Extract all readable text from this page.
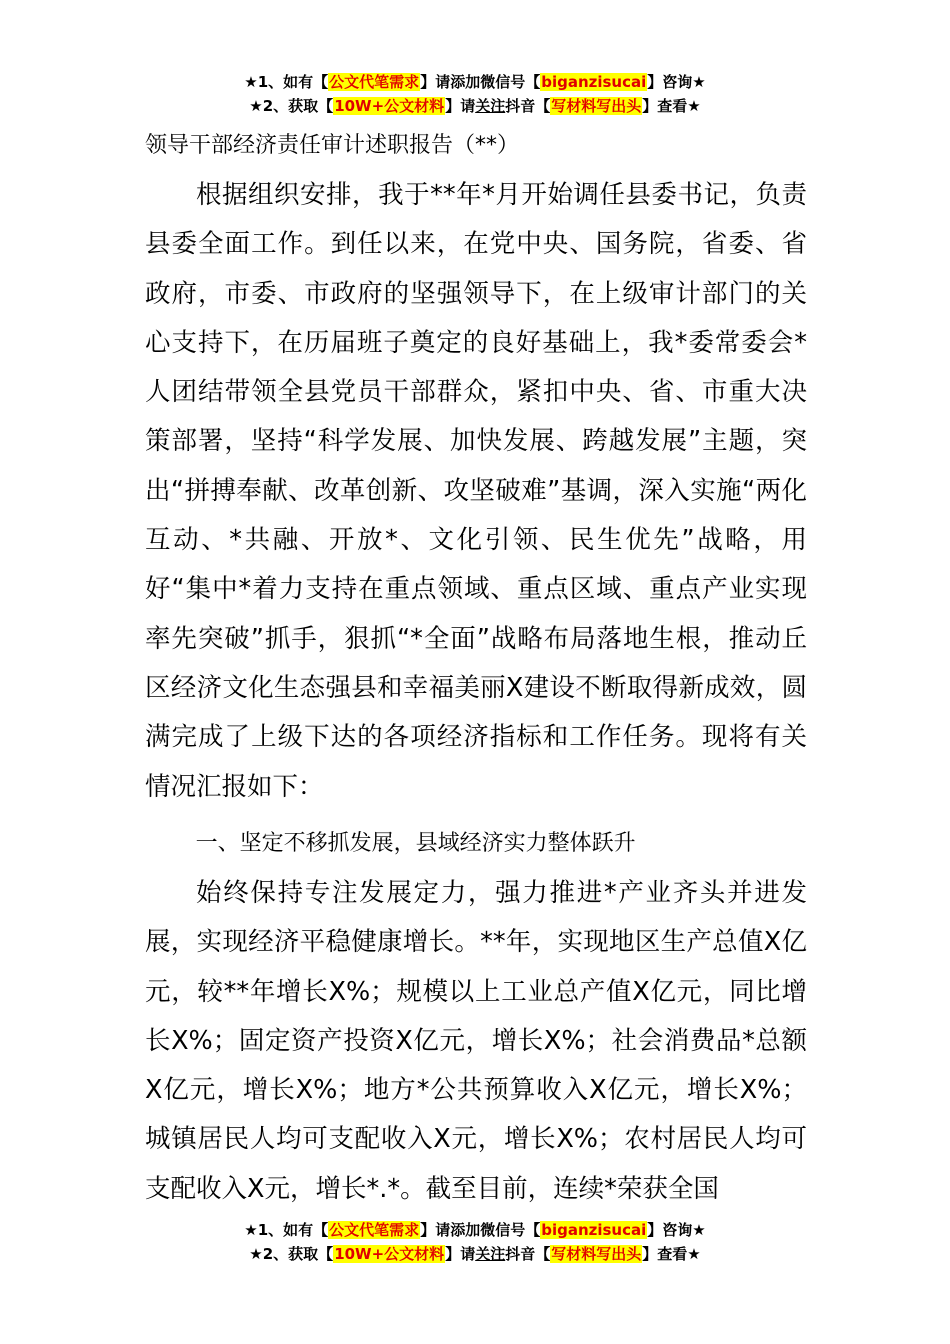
★1、如有【公文代笔需求】请添加微信号【biganzisucai】咨询★
★2、获取【10W+公文材料】请关注抖音【写材料写出头】查看★
领导干部经济责任审计述职报告（**）

根据组织安排，我于**年*月开始调任县委书记，负责县委全面工作。到任以来，在党中央、国务院，省委、省政府，市委、市政府的坚强领导下，在上级审计部门的关心支持下，在历届班子奠定的良好基础上，我*委常委会*人团结带领全县党员干部群众，紧扣中央、省、市重大决策部署，坚持“科学发展、加快发展、跨越发展”主题，突出“拼搏奉献、改革创新、攻坚破难”基调，深入实施“两化互动、*共融、开放*、文化引领、民生优先”战略，用好“集中*着力支持在重点领域、重点区域、重点产业实现率先突破”抓手，狠抓“*全面”战略布局落地生根，推动丘区经济文化生态强县和幸福美丽X建设不断取得新成效，圆满完成了上级下达的各项经济指标和工作任务。现将有关情况汇报如下：

一、坚定不移抓发展，县域经济实力整体跃升

始终保持专注发展定力，强力推进*产业齐头并进发展，实现经济平稳健康增长。**年，实现地区生产总值X亿元，较**年增长X%；规模以上工业总产值X亿元，同比增长X%；固定资产投资X亿元，增长X%；社会消费品*总额X亿元，增长X%；地方*公共预算收入X亿元，增长X%；城镇居民人均可支配收入X元，增长X%；农村居民人均可支配收入X元，增长*.*。截至目前，连续*荣获全国

★1、如有【公文代笔需求】请添加微信号【biganzisucai】咨询★
★2、获取【10W+公文材料】请关注抖音【写材料写出头】查看★
